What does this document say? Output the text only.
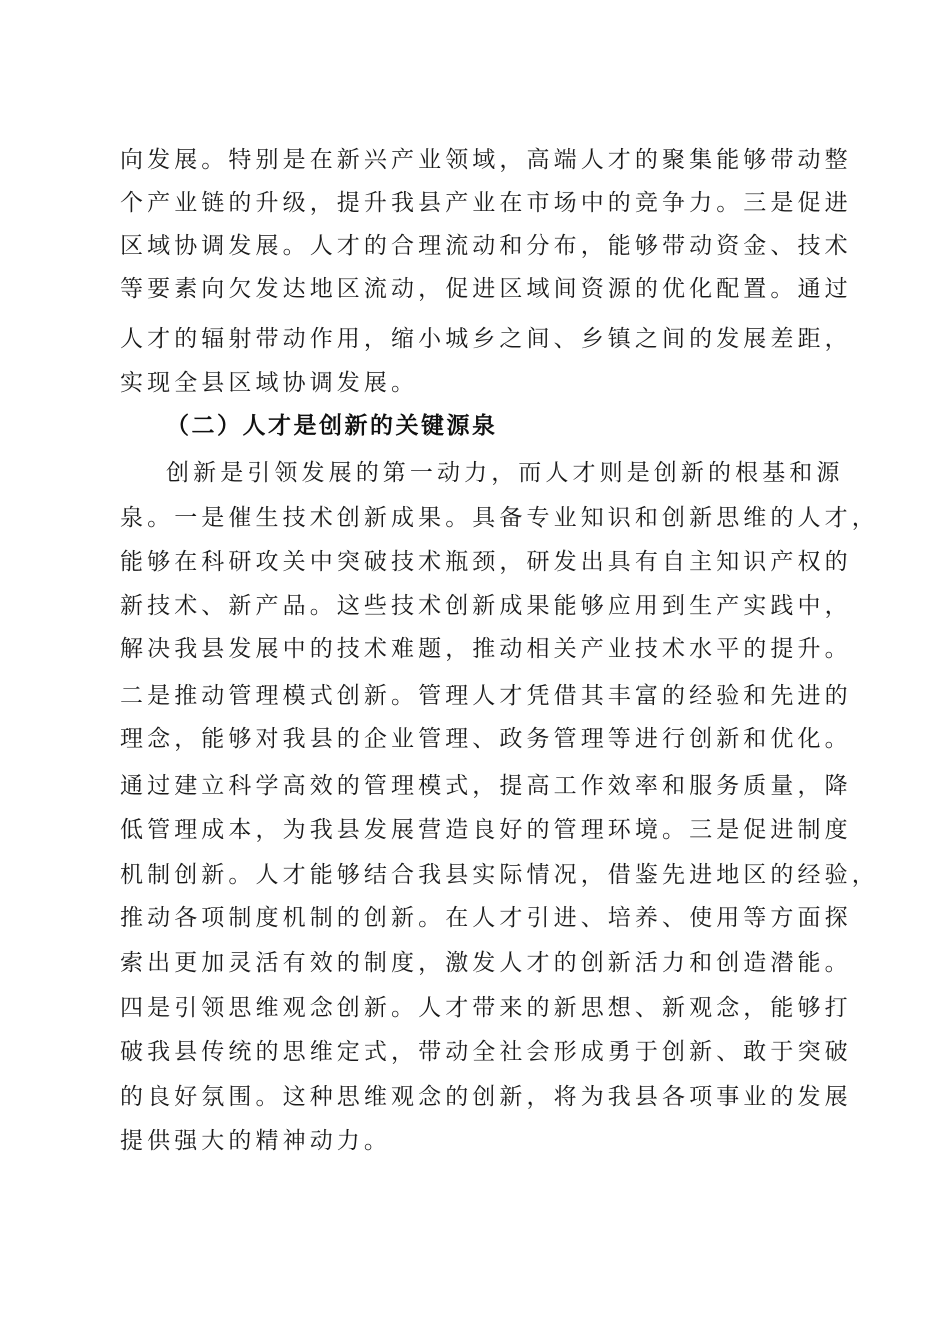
向发展。特别是在新兴产业领域，高端人才的聚集能够带动整
个产业链的升级，提升我县产业在市场中的竞争力。三是促进
区域协调发展。人才的合理流动和分布，能够带动资金、技术
等要素向欠发达地区流动，促进区域间资源的优化配置。通过
人才的辐射带动作用，缩小城乡之间、乡镇之间的发展差距，
实现全县区域协调发展。
（二）人才是创新的关键源泉
创新是引领发展的第一动力，而人才则是创新的根基和源
泉。一是催生技术创新成果。具备专业知识和创新思维的人才，
能够在科研攻关中突破技术瓶颈，研发出具有自主知识产权的
新技术、新产品。这些技术创新成果能够应用到生产实践中，
解决我县发展中的技术难题，推动相关产业技术水平的提升。
二是推动管理模式创新。管理人才凭借其丰富的经验和先进的
理念，能够对我县的企业管理、政务管理等进行创新和优化。
通过建立科学高效的管理模式，提高工作效率和服务质量，降
低管理成本，为我县发展营造良好的管理环境。三是促进制度
机制创新。人才能够结合我县实际情况，借鉴先进地区的经验，
推动各项制度机制的创新。在人才引进、培养、使用等方面探
索出更加灵活有效的制度，激发人才的创新活力和创造潜能。
四是引领思维观念创新。人才带来的新思想、新观念，能够打
破我县传统的思维定式，带动全社会形成勇于创新、敢于突破
的良好氛围。这种思维观念的创新，将为我县各项事业的发展
提供强大的精神动力。
